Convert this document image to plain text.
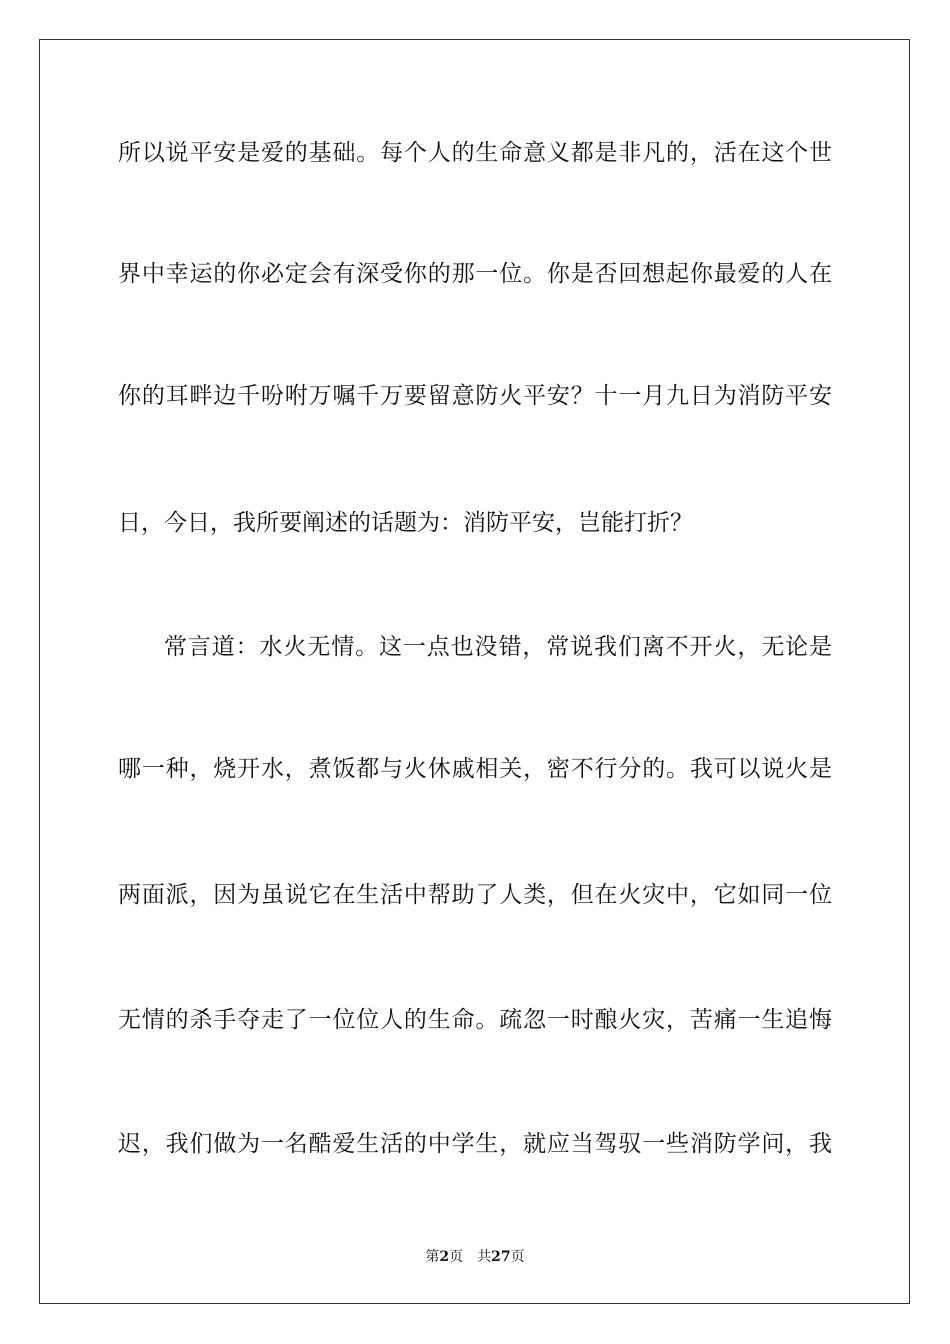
所以说平安是爱的基础。每个人的生命意义都是非凡的，活在这个世
界中幸运的你必定会有深受你的那一位。你是否回想起你最爱的人在
你的耳畔边千吩咐万嘱千万要留意防火平安？十一月九日为消防平安
日，今日，我所要阐述的话题为：消防平安，岂能打折？
常言道：水火无情。这一点也没错，常说我们离不开火，无论是
哪一种，烧开水，煮饭都与火休戚相关，密不行分的。我可以说火是
两面派，因为虽说它在生活中帮助了人类，但在火灾中，它如同一位
无情的杀手夺走了一位位人的生命。疏忽一时酿火灾，苦痛一生追悔
迟，我们做为一名酷爱生活的中学生，就应当驾驭一些消防学问，我
第2页 共27页
